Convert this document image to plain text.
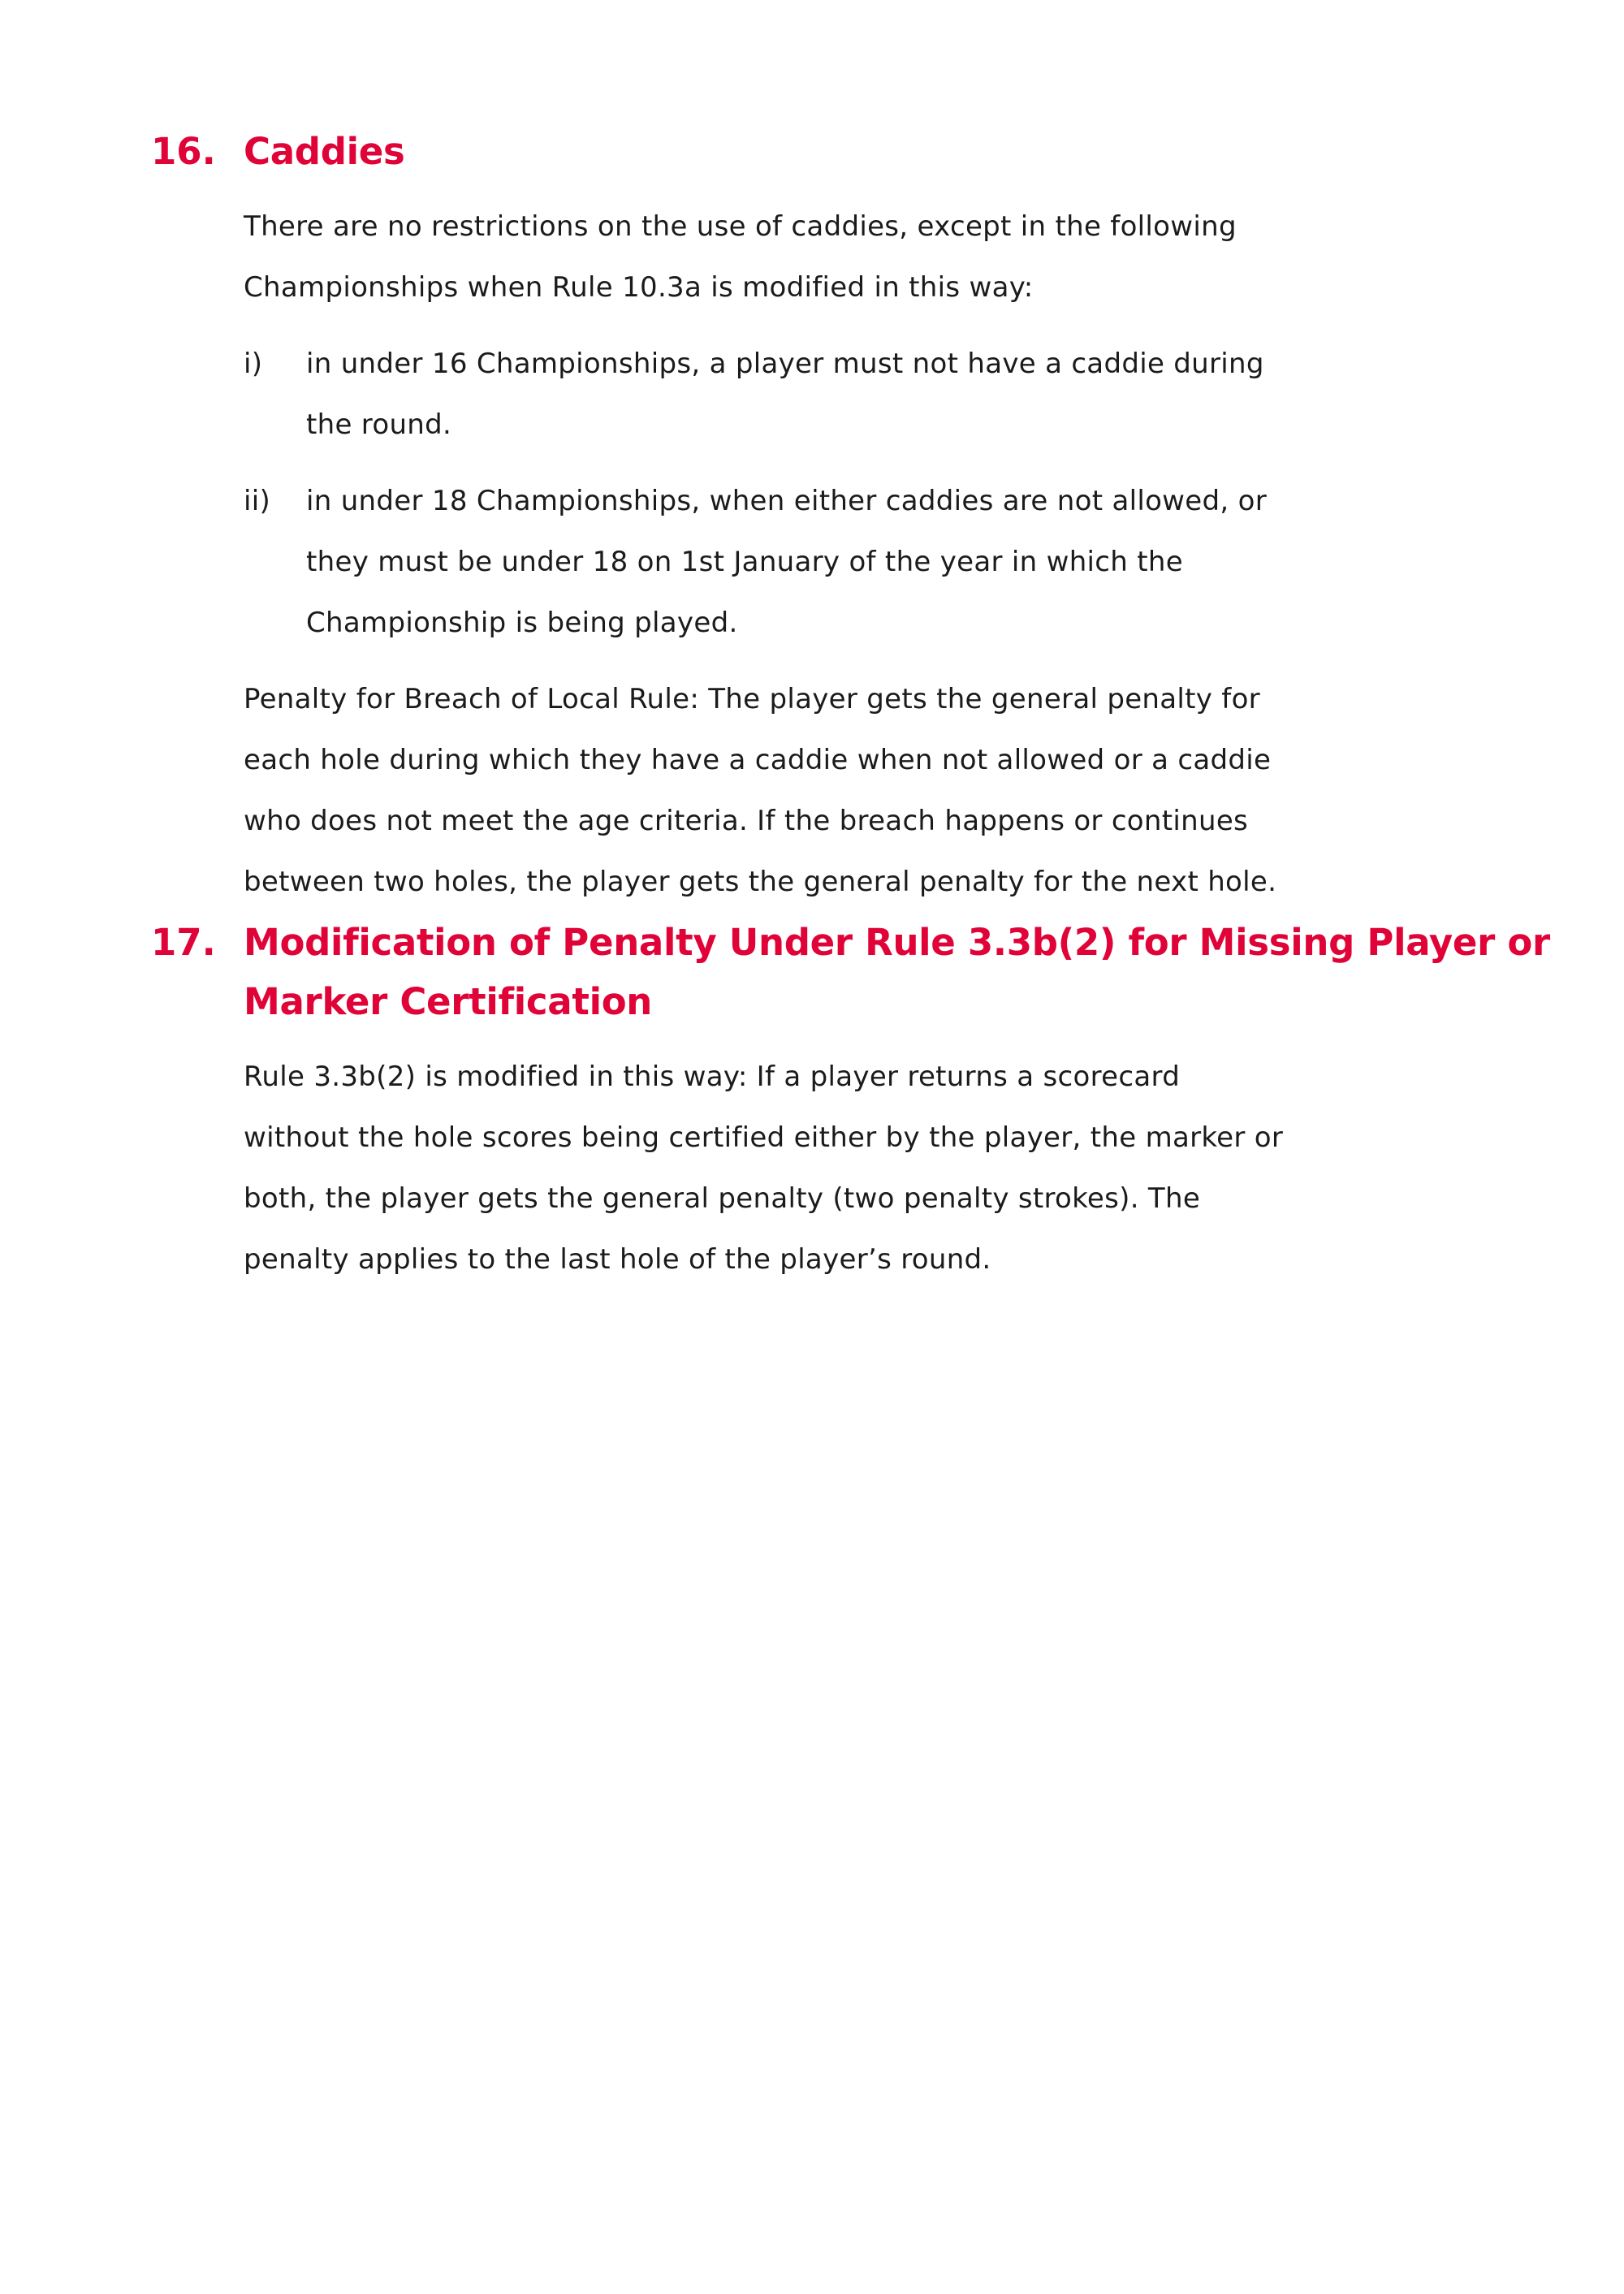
16. Caddies
There are no restrictions on the use of caddies, except in the following
Championships when Rule 10.3a is modified in this way:
i)	in under 16 Championships, a player must not have a caddie during
the round.
ii)	in under 18 Championships, when either caddies are not allowed, or
they must be under 18 on 1st January of the year in which the
Championship is being played.
Penalty for Breach of Local Rule: The player gets the general penalty for
each hole during which they have a caddie when not allowed or a caddie
who does not meet the age criteria. If the breach happens or continues
between two holes, the player gets the general penalty for the next hole.
17. Modification of Penalty Under Rule 3.3b(2) for Missing Player or
Marker Certification
Rule 3.3b(2) is modified in this way: If a player returns a scorecard
without the hole scores being certified either by the player, the marker or
both, the player gets the general penalty (two penalty strokes). The
penalty applies to the last hole of the player’s round.
